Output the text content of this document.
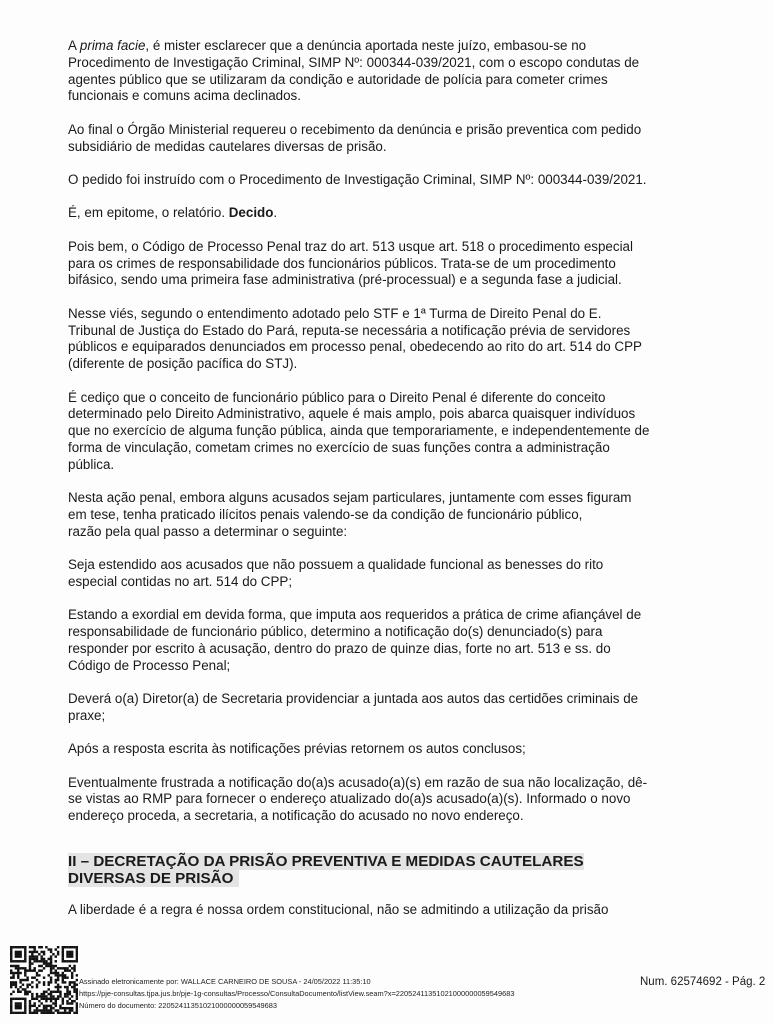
A prima facie, é mister esclarecer que a denúncia aportada neste juízo, embasou-se no
Procedimento de Investigação Criminal, SIMP Nº: 000344-039/2021, com o escopo condutas de
agentes público que se utilizaram da condição e autoridade de polícia para cometer crimes
funcionais e comuns acima declinados.

Ao final o Órgão Ministerial requereu o recebimento da denúncia e prisão preventica com pedido
subsidiário de medidas cautelares diversas de prisão.

O pedido foi instruído com o Procedimento de Investigação Criminal, SIMP Nº: 000344-039/2021.

É, em epitome, o relatório. Decido.

Pois bem, o Código de Processo Penal traz do art. 513 usque art. 518 o procedimento especial
para os crimes de responsabilidade dos funcionários públicos. Trata-se de um procedimento
bifásico, sendo uma primeira fase administrativa (pré-processual) e a segunda fase a judicial.

Nesse viés, segundo o entendimento adotado pelo STF e 1ª Turma de Direito Penal do E.
Tribunal de Justiça do Estado do Pará, reputa-se necessária a notificação prévia de servidores
públicos e equiparados denunciados em processo penal, obedecendo ao rito do art. 514 do CPP
(diferente de posição pacífica do STJ).

É cediço que o conceito de funcionário público para o Direito Penal é diferente do conceito
determinado pelo Direito Administrativo, aquele é mais amplo, pois abarca quaisquer indivíduos
que no exercício de alguma função pública, ainda que temporariamente, e independentemente de
forma de vinculação, cometam crimes no exercício de suas funções contra a administração
pública.

Nesta ação penal, embora alguns acusados sejam particulares, juntamente com esses figuram
em tese, tenha praticado ilícitos penais valendo-se da condição de funcionário público,
razão pela qual passo a determinar o seguinte:

Seja estendido aos acusados que não possuem a qualidade funcional as benesses do rito
especial contidas no art. 514 do CPP;

Estando a exordial em devida forma, que imputa aos requeridos a prática de crime afiançável de
responsabilidade de funcionário público, determino a notificação do(s) denunciado(s) para
responder por escrito à acusação, dentro do prazo de quinze dias, forte no art. 513 e ss. do
Código de Processo Penal;

Deverá o(a) Diretor(a) de Secretaria providenciar a juntada aos autos das certidões criminais de
praxe;

Após a resposta escrita às notificações prévias retornem os autos conclusos;

Eventualmente frustrada a notificação do(a)s acusado(a)(s) em razão de sua não localização, dê-
se vistas ao RMP para fornecer o endereço atualizado do(a)s acusado(a)(s). Informado o novo
endereço proceda, a secretaria, a notificação do acusado no novo endereço.

II – DECRETAÇÃO DA PRISÃO PREVENTIVA E MEDIDAS CAUTELARES
DIVERSAS DE PRISÃO

A liberdade é a regra é nossa ordem constitucional, não se admitindo a utilização da prisão

Assinado eletronicamente por: WALLACE CARNEIRO DE SOUSA - 24/05/2022 11:35:10
https://pje-consultas.tjpa.jus.br/pje-1g-consultas/Processo/ConsultaDocumento/listView.seam?x=22052411351021000000059549683
Número do documento: 22052411351021000000059549683
Num. 62574692 - Pág. 2
